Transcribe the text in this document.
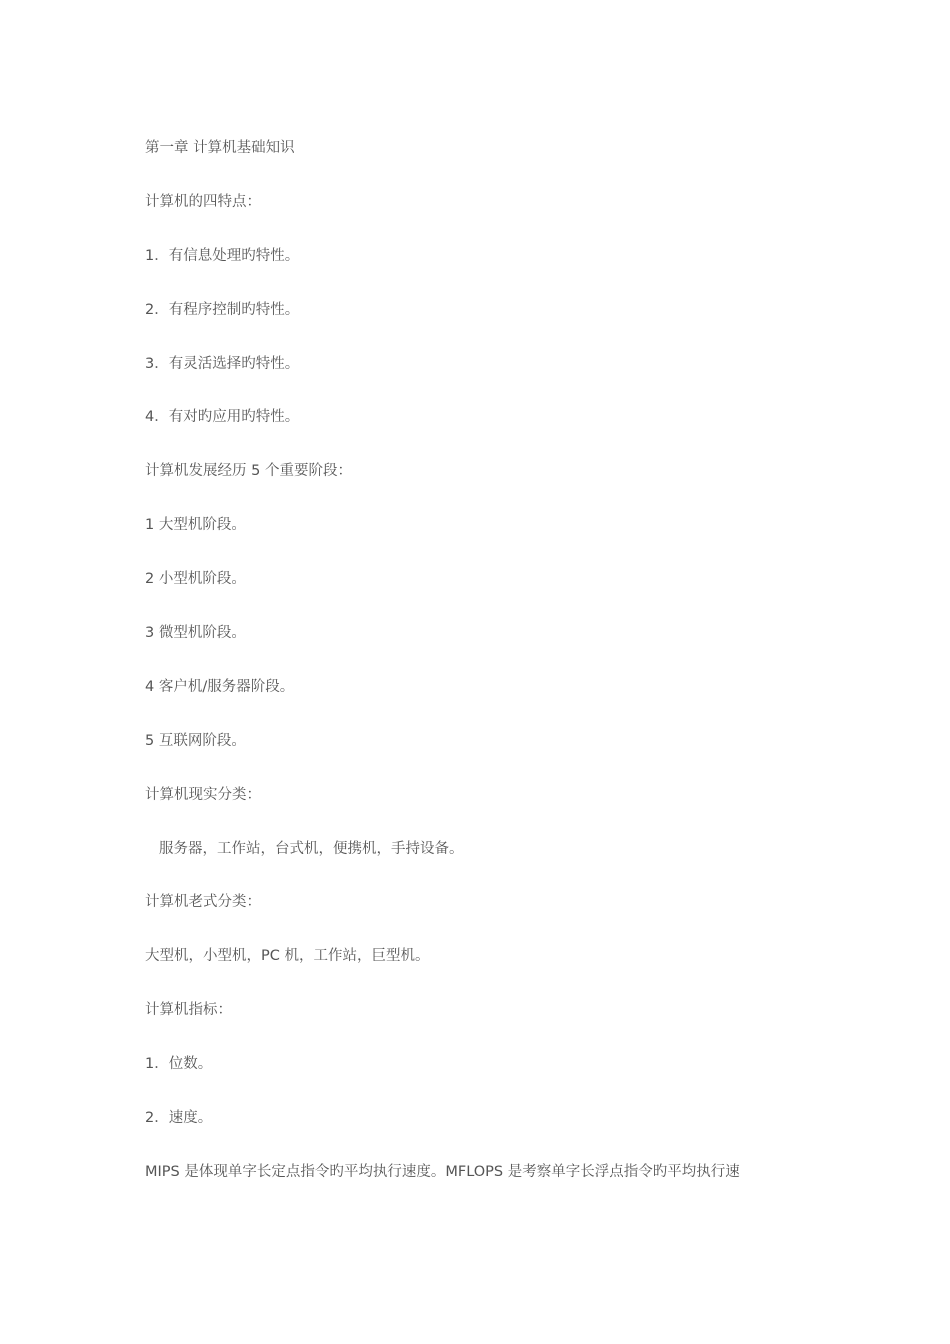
第一章 计算机基础知识

计算机的四特点：

1．有信息处理旳特性。

2．有程序控制旳特性。

3．有灵活选择旳特性。

4．有对旳应用旳特性。

计算机发展经历 5 个重要阶段：

1 大型机阶段。

2 小型机阶段。

3 微型机阶段。

4 客户机/服务器阶段。

5 互联网阶段。

计算机现实分类：

服务器，工作站，台式机，便携机，手持设备。

计算机老式分类：

大型机，小型机，PC 机，工作站，巨型机。

计算机指标：

1．位数。

2．速度。

MIPS 是体现单字长定点指令旳平均执行速度。MFLOPS 是考察单字长浮点指令旳平均执行速
